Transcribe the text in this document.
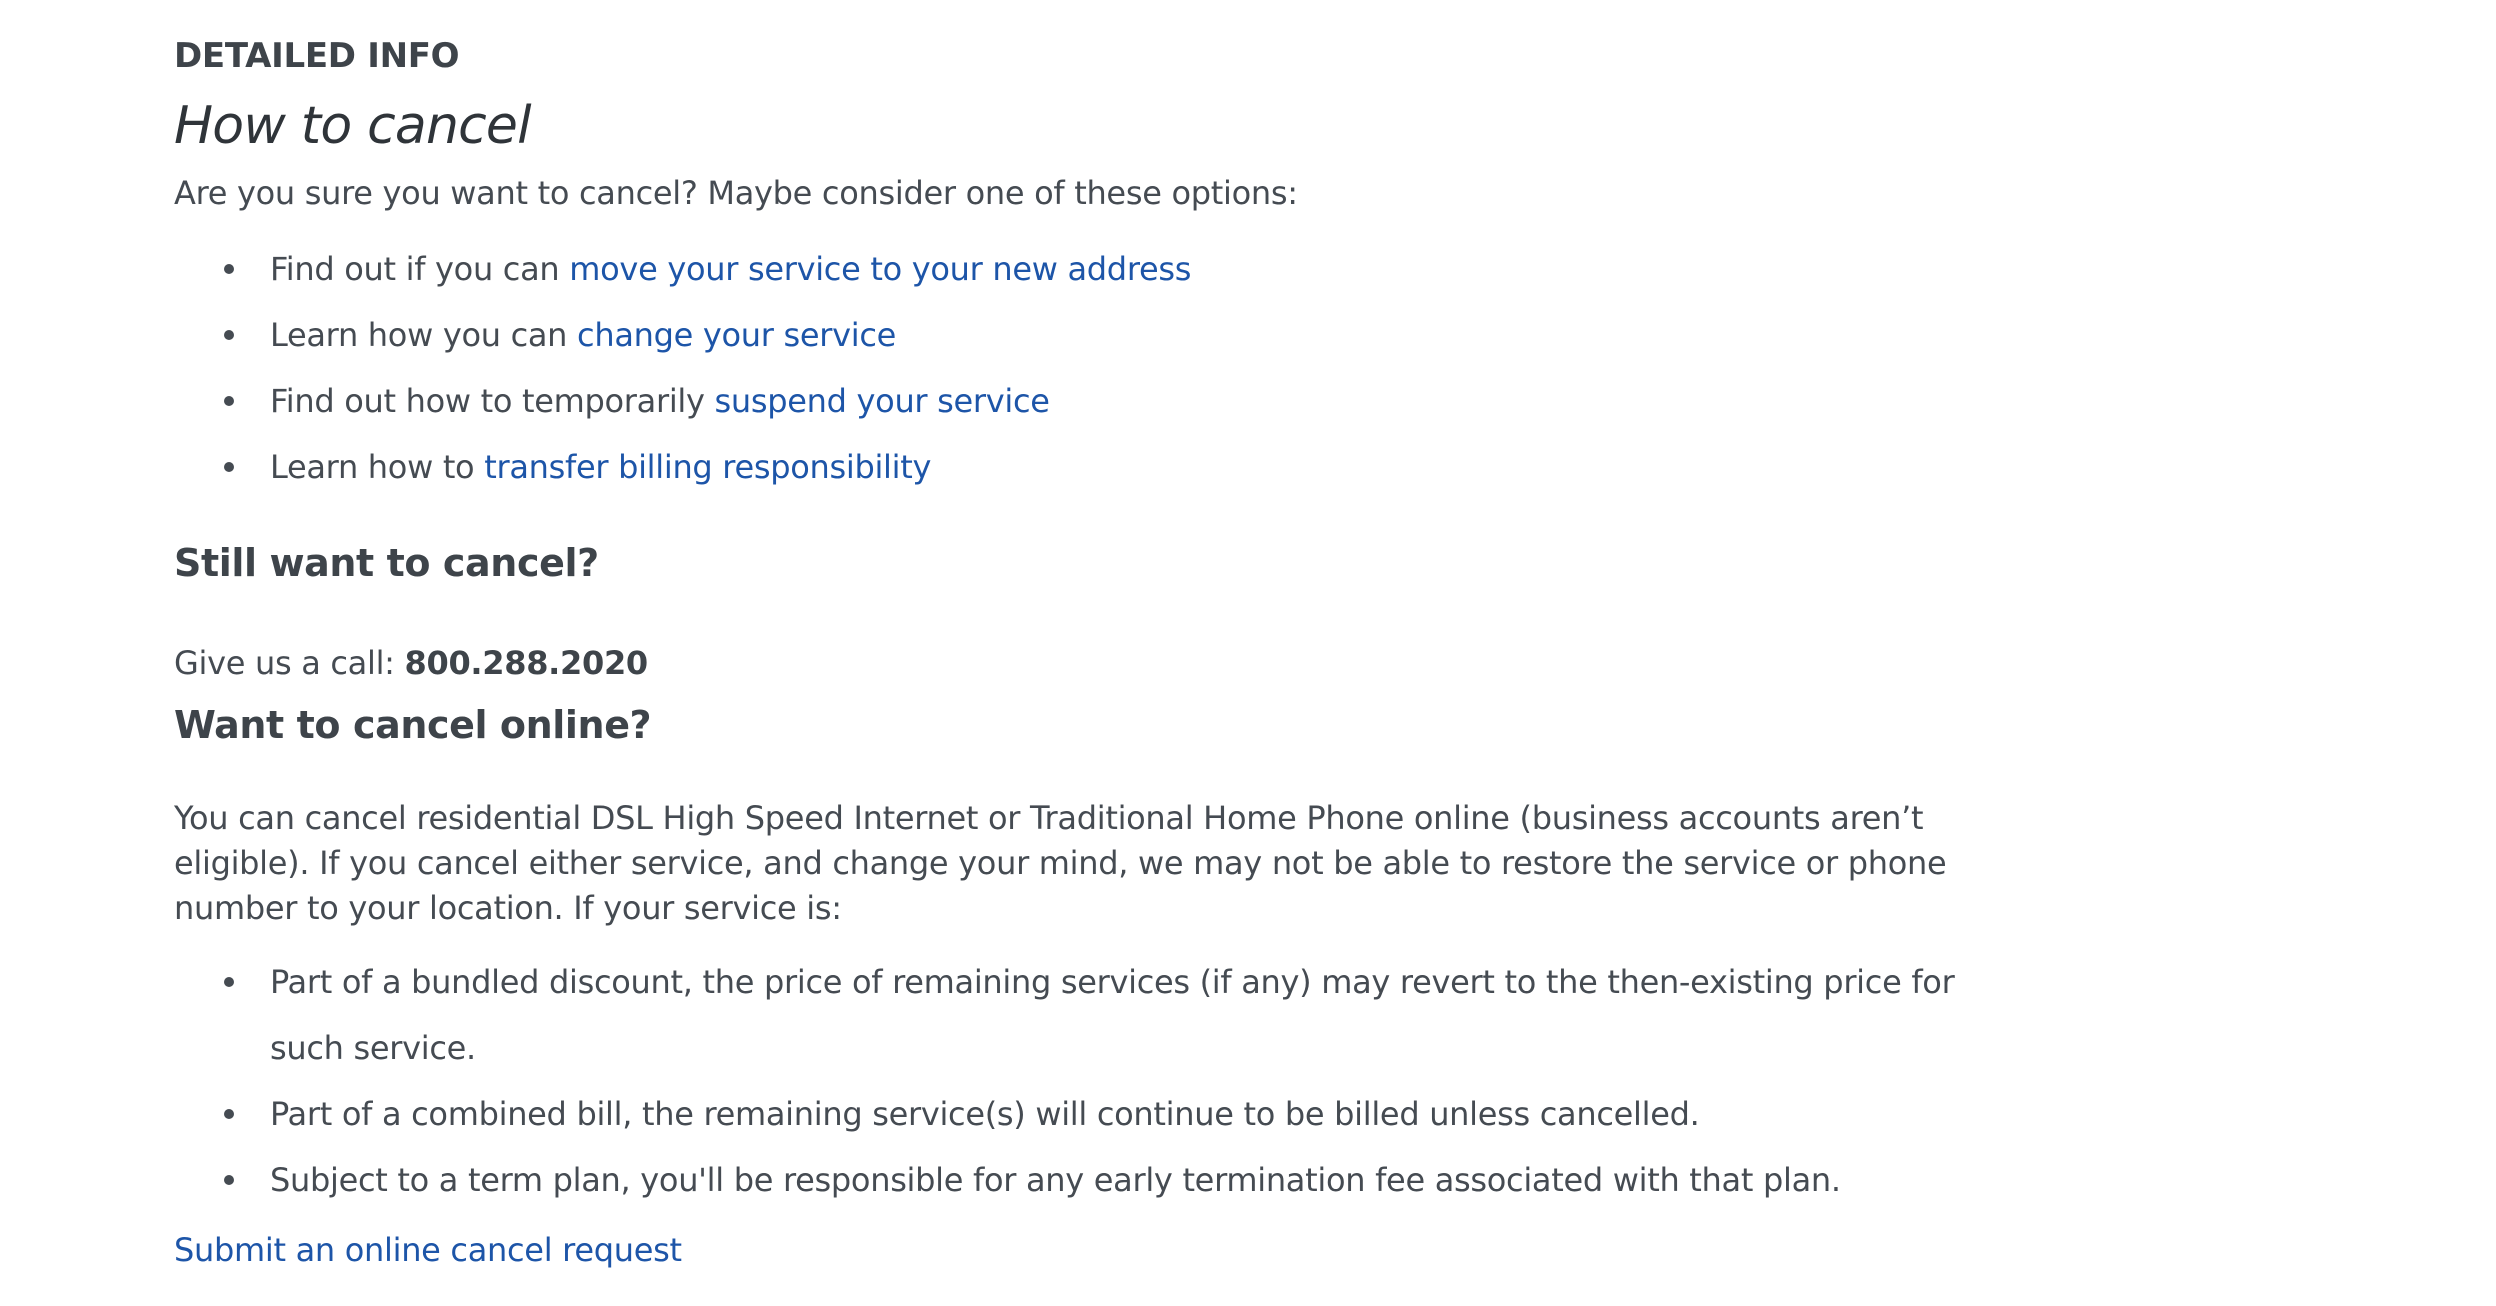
DETAILED INFO
How to cancel

Are you sure you want to cancel? Maybe consider one of these options:

Find out if you can move your service to your new address
Learn how you can change your service
Find out how to temporarily suspend your service
Learn how to transfer billing responsibility
Still want to cancel?

Give us a call: 800.288.2020

Want to cancel online?

You can cancel residential DSL High Speed Internet or Traditional Home Phone online (business accounts aren’t eligible). If you cancel either service, and change your mind, we may not be able to restore the service or phone number to your location. If your service is:

Part of a bundled discount, the price of remaining services (if any) may revert to the then-existing price for such service.
Part of a combined bill, the remaining service(s) will continue to be billed unless cancelled.
Subject to a term plan, you'll be responsible for any early termination fee associated with that plan.
Submit an online cancel request
